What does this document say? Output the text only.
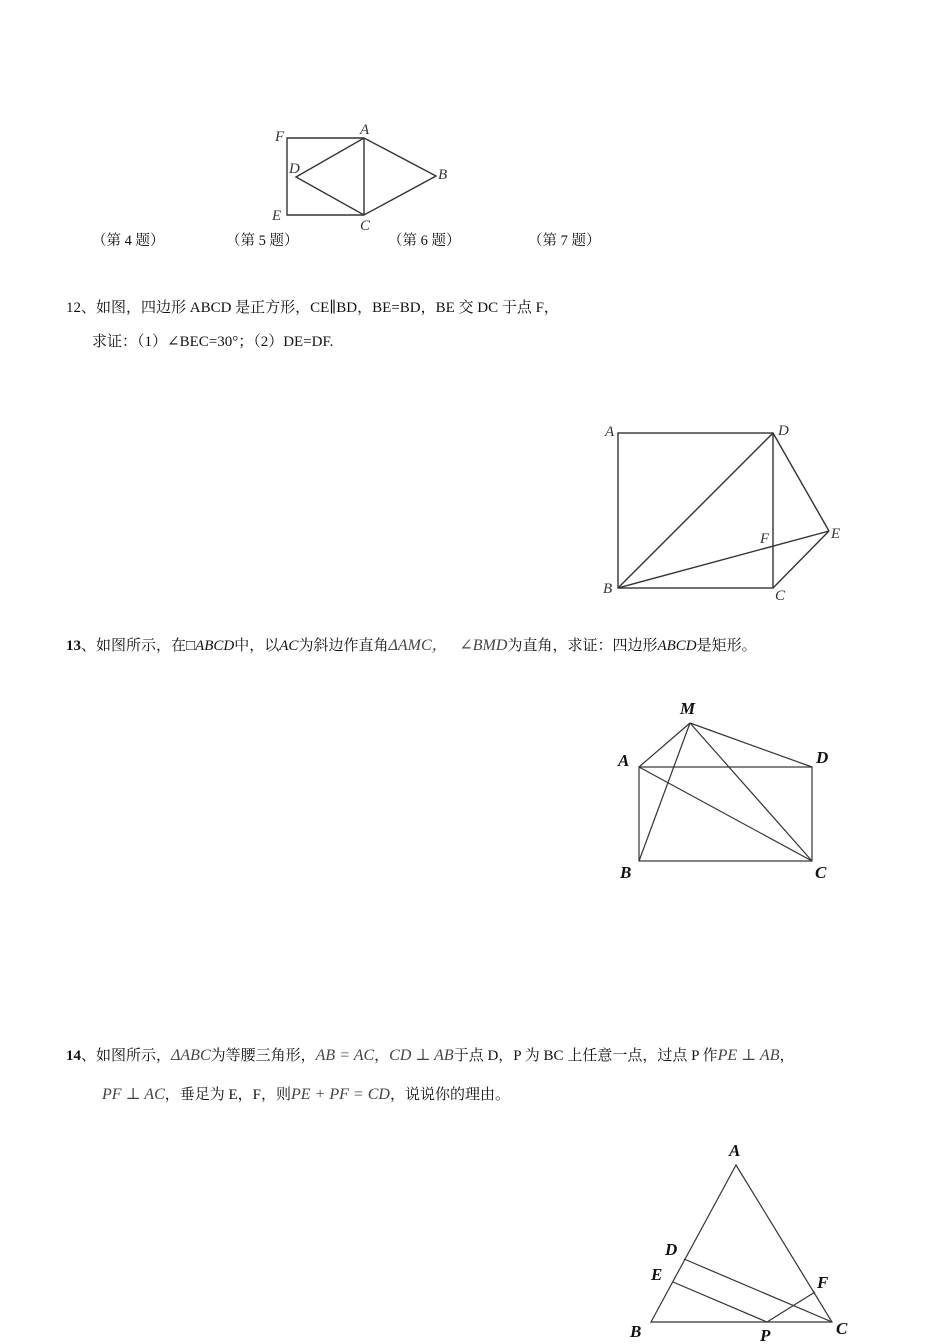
F	A
D	B
E
C
（第 4 题）	（第 5 题）	（第 6 题）	（第 7 题）
12、如图，四边形 ABCD 是正方形，CE∥BD，BE=BD，BE 交 DC 于点 F，
求证：（1）∠BEC=30°；（2）DE=DF.
A	D
F	E
B	C
13、如图所示，在□ABCD中，以AC为斜边作直角ΔAMC， ∠BMD为直角，求证：四边形ABCD是矩形。
M
A	D
B	C
14、如图所示，ΔABC为等腰三角形，AB = AC，CD ⊥ AB于点 D，P 为 BC 上任意一点，过点 P 作PE ⊥ AB，
PF ⊥ AC，垂足为 E，F，则PE + PF = CD，说说你的理由。
A
D
E	F
B	P	C
